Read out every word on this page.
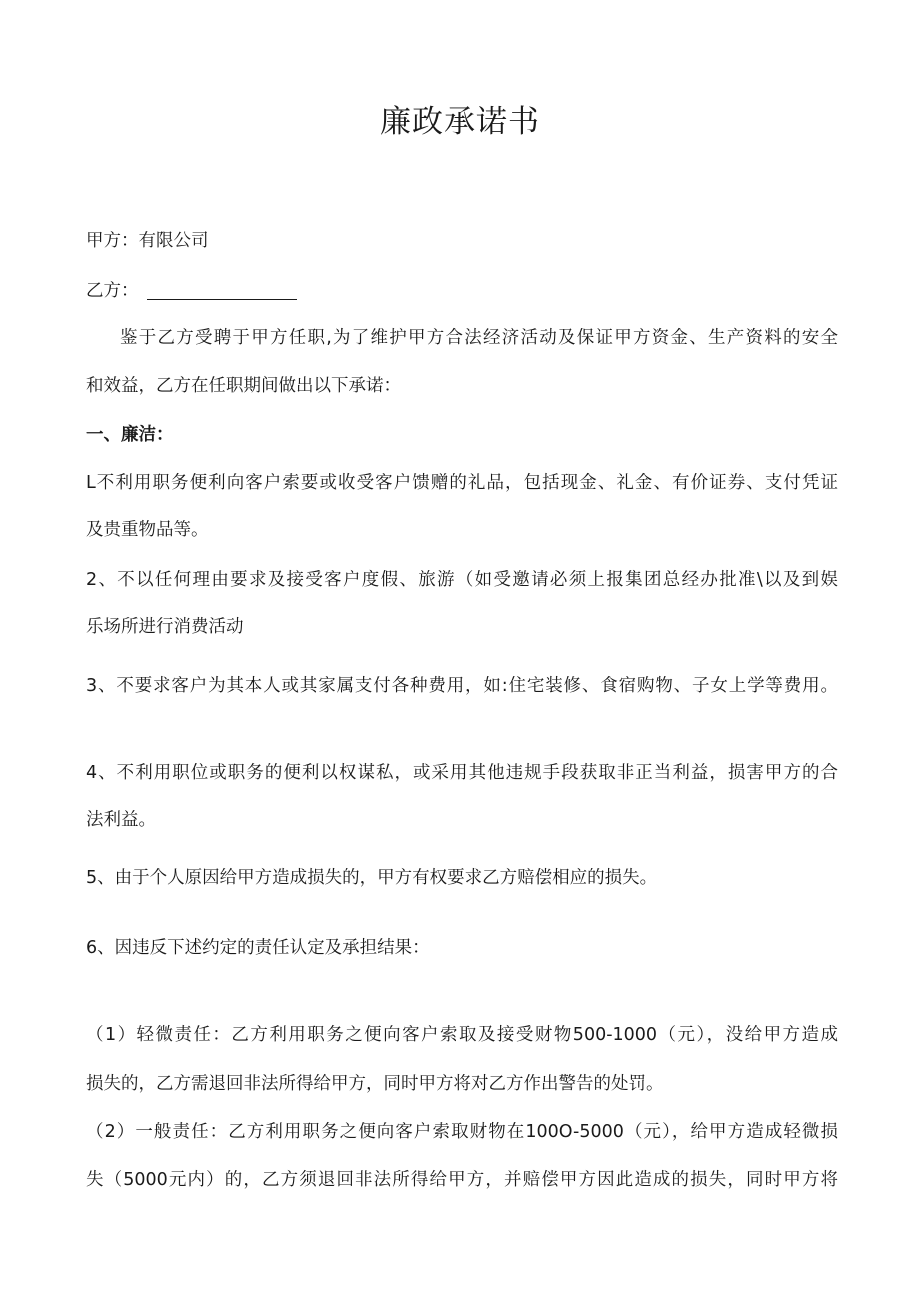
廉政承诺书

甲方：有限公司

乙方：

鉴于乙方受聘于甲方任职,为了维护甲方合法经济活动及保证甲方资金、生产资料的安全

和效益，乙方在任职期间做出以下承诺：

一、廉洁：

L不利用职务便利向客户索要或收受客户馈赠的礼品，包括现金、礼金、有价证券、支付凭证

及贵重物品等。

2、不以任何理由要求及接受客户度假、旅游（如受邀请必须上报集团总经办批准\以及到娱

乐场所进行消费活动

3、不要求客户为其本人或其家属支付各种费用，如:住宅装修、食宿购物、子女上学等费用。

4、不利用职位或职务的便利以权谋私，或采用其他违规手段获取非正当利益，损害甲方的合

法利益。

5、由于个人原因给甲方造成损失的，甲方有权要求乙方赔偿相应的损失。

6、因违反下述约定的责任认定及承担结果：

（1）轻微责任：乙方利用职务之便向客户索取及接受财物500-1000（元），没给甲方造成

损失的，乙方需退回非法所得给甲方，同时甲方将对乙方作出警告的处罚。

（2）一般责任：乙方利用职务之便向客户索取财物在100O-5000（元），给甲方造成轻微损

失（5000元内）的，乙方须退回非法所得给甲方，并赔偿甲方因此造成的损失，同时甲方将
